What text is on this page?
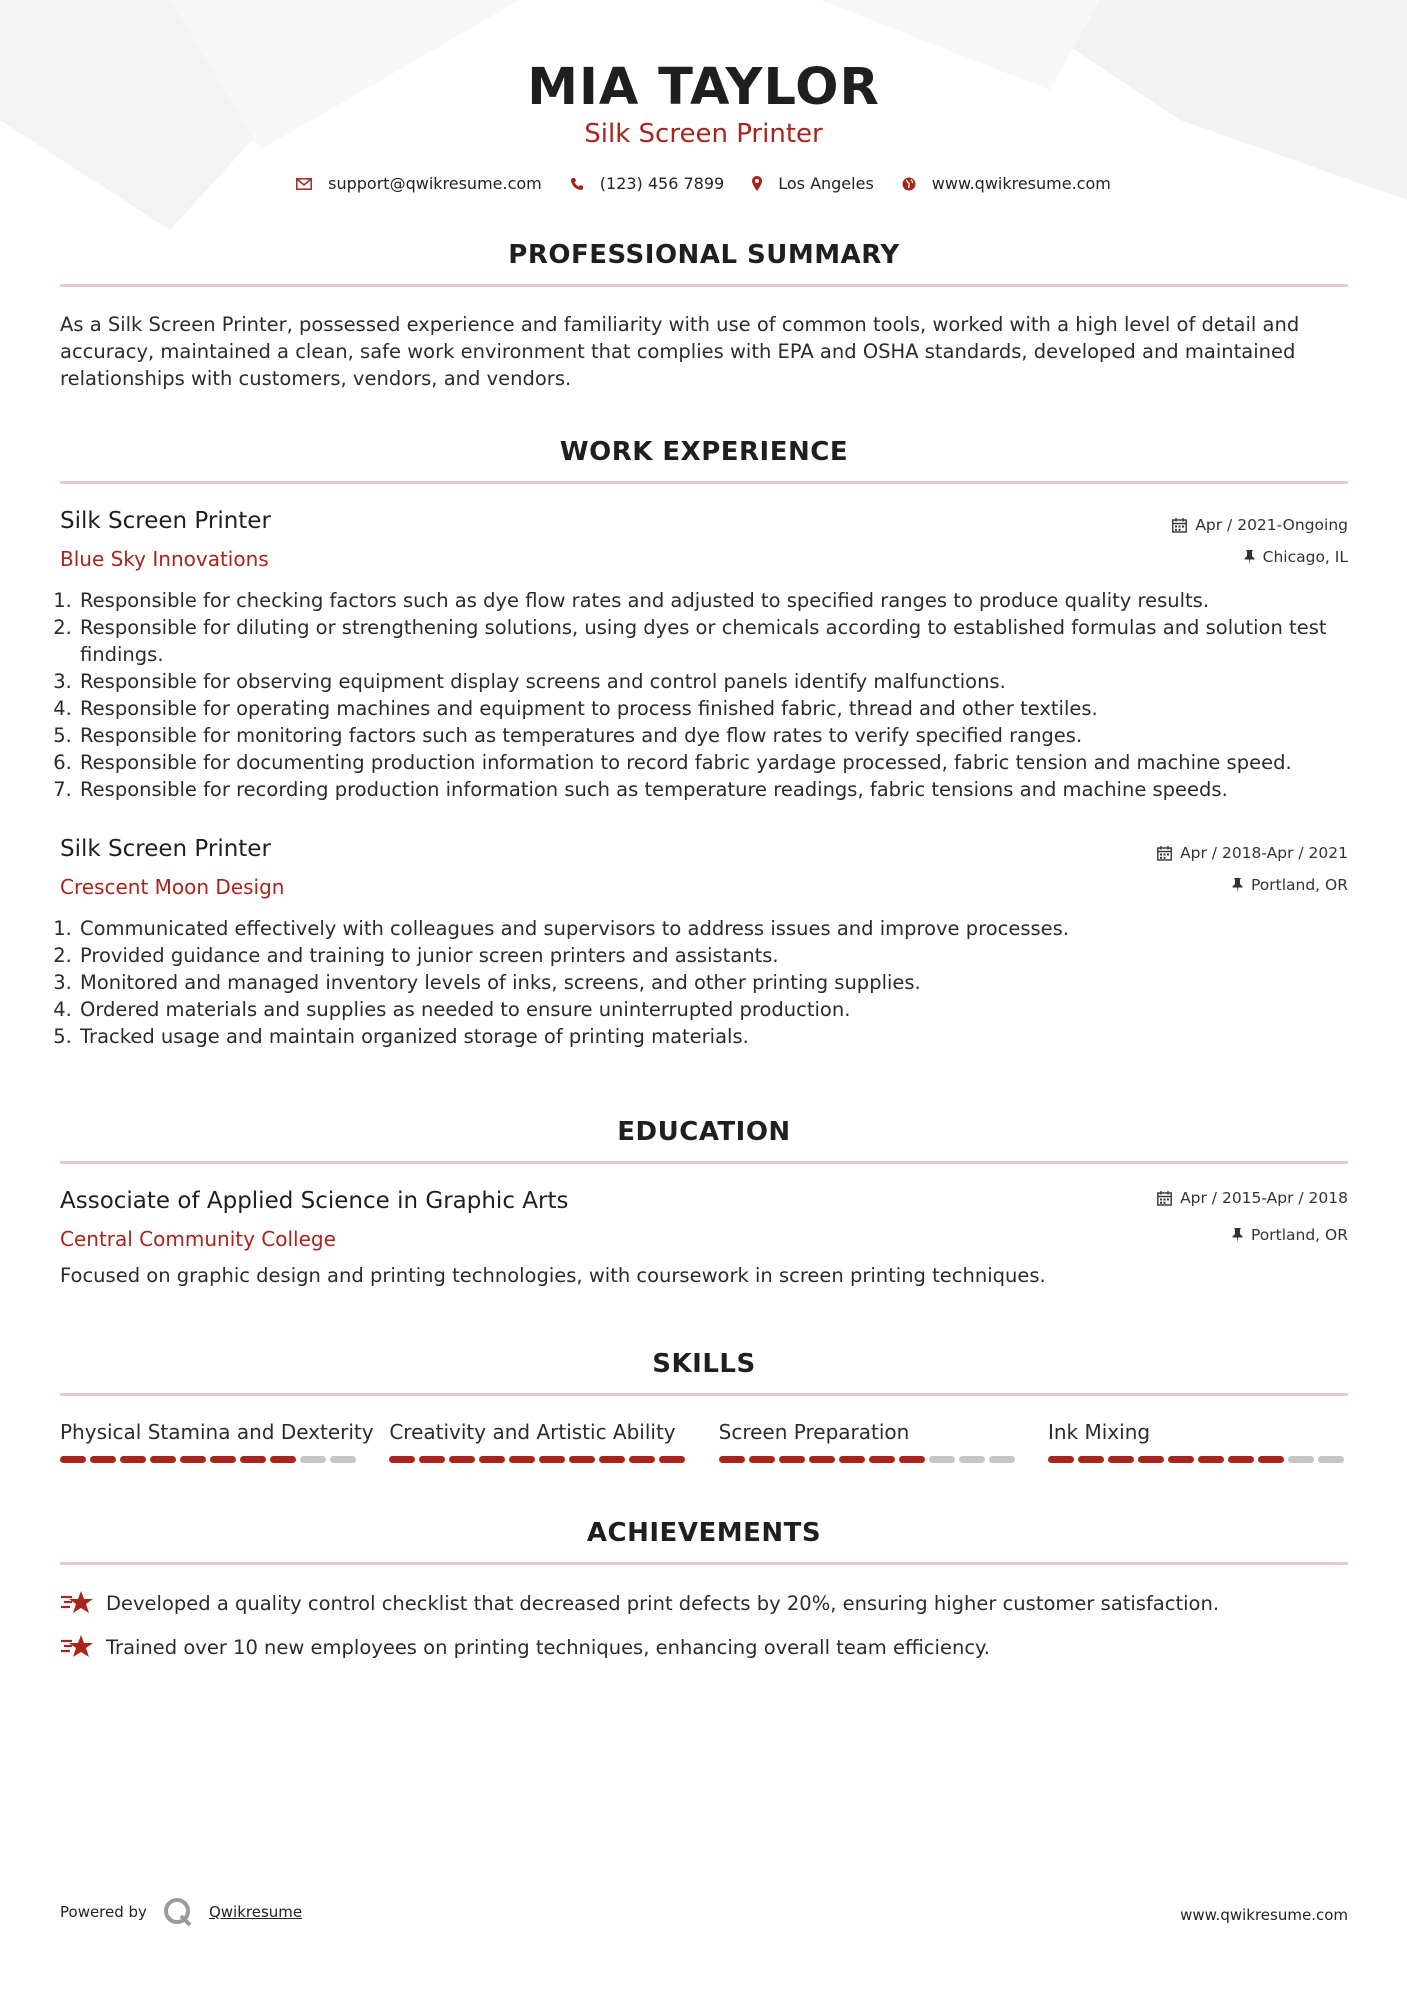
MIA TAYLOR
Silk Screen Printer
support@qwikresume.com	(123) 456 7899	Los Angeles	www.qwikresume.com
PROFESSIONAL SUMMARY
As a Silk Screen Printer, possessed experience and familiarity with use of common tools, worked with a high level of detail and accuracy, maintained a clean, safe work environment that complies with EPA and OSHA standards, developed and maintained relationships with customers, vendors, and vendors.
WORK EXPERIENCE
Silk Screen Printer
Blue Sky Innovations
Apr / 2021-Ongoing
Chicago, IL
1. Responsible for checking factors such as dye flow rates and adjusted to specified ranges to produce quality results.
2. Responsible for diluting or strengthening solutions, using dyes or chemicals according to established formulas and solution test findings.
3. Responsible for observing equipment display screens and control panels identify malfunctions.
4. Responsible for operating machines and equipment to process finished fabric, thread and other textiles.
5. Responsible for monitoring factors such as temperatures and dye flow rates to verify specified ranges.
6. Responsible for documenting production information to record fabric yardage processed, fabric tension and machine speed.
7. Responsible for recording production information such as temperature readings, fabric tensions and machine speeds.
Silk Screen Printer
Crescent Moon Design
Apr / 2018-Apr / 2021
Portland, OR
1. Communicated effectively with colleagues and supervisors to address issues and improve processes.
2. Provided guidance and training to junior screen printers and assistants.
3. Monitored and managed inventory levels of inks, screens, and other printing supplies.
4. Ordered materials and supplies as needed to ensure uninterrupted production.
5. Tracked usage and maintain organized storage of printing materials.
EDUCATION
Associate of Applied Science in Graphic Arts
Central Community College
Apr / 2015-Apr / 2018
Portland, OR
Focused on graphic design and printing technologies, with coursework in screen printing techniques.
SKILLS
Physical Stamina and Dexterity Creativity and Artistic Ability	Screen Preparation	Ink Mixing
ACHIEVEMENTS
Developed a quality control checklist that decreased print defects by 20%, ensuring higher customer satisfaction.
Trained over 10 new employees on printing techniques, enhancing overall team efficiency.
Powered by	Qwikresume	www.qwikresume.com
